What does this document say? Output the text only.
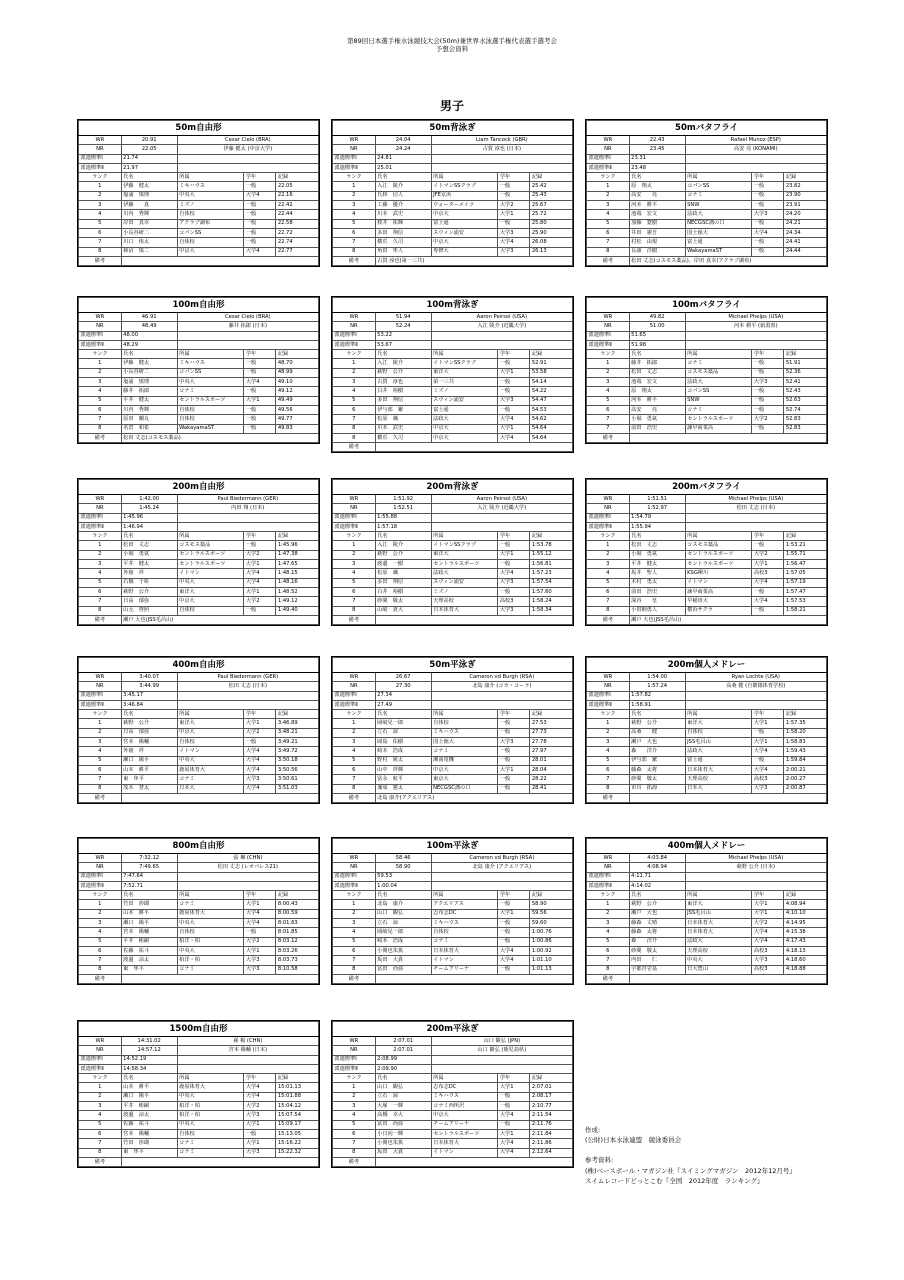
第89回日本選手権水泳競技大会(50m)兼世界水泳選手権代表選手選考会
予想会資料
男子
50m自由形				
WR	20.91	Cesar Cielo (BRA)		
NR	22.05	伊藤 健太 (中京大学)		
派遣標準Ⅰ	21.74			
派遣標準Ⅱ	21.97			
ランク	氏名	所属	学年	記録
1	伊藤　健太	ミキハウス	一般	22.05
2	塩浦　慎理	中央大	大学4	22.16
3	伊藤　　真	ミズノ	一般	22.42
4	川内　秀輝	自体校	一般	22.44
5	岸田　真幸	アクラブ調布	一般	22.58
6	小長谷研二	コパンSS	一般	22.72
7	川口　侑太	自体校	一般	22.74
8	柿沼　慎二	中京大	大学4	22.77
備考				
50m背泳ぎ				
WR	24.04	Liam Tancock (GBR)		
NR	24.24	古賀 淳也 (日本)		
派遣標準Ⅰ	24.81			
派遣標準Ⅱ	25.01			
ランク	氏名	所属	学年	記録
1	入江　陵介	イトマンSSクラブ	一般	25.42
2	氏林　信人	JFE京浜	一般	25.43
3	工藤　優介	ウォーターメイツ	大学2	25.67
4	川本　武史	中京大	大学1	25.72
5	桜井　祐輝	富士通	一般	25.80
6	多田　翔信	スウィン浦安	大学3	25.90
7	横爪　久司	中京大	大学4	26.08
8	角田　隼人	専修大	大学3	26.13
備考	古賀 淳也(第一三共)			
50mバタフライ				
WR	22.43	Rafael Munoz (ESP)		
NR	23.45	高安 亮 (KONAMI)		
派遣標準Ⅰ	23.31			
派遣標準Ⅱ	23.48			
ランク	氏名	所属	学年	記録
1	原　翔太	コパンSS	一般	23.82
2	高安　　亮	コナミ	一般	23.90
3	河本　耕平	SNW	一般	23.91
4	池端　宏文	法政大	大学3	24.20
5	加藤　寛樹	NECGSC溝の口	一般	24.21
6	井田　憲吾	国士舘大	大学4	24.34
7	村松　由規	富士通	一般	24.41
8	長頭　洋樹	WakayamaST	一般	24.44
備考	松田 丈志(コスモス薬品)、岸田 真幸(アクラブ調布)			
100m自由形				
WR	46.91	Cesar Cielo (BRA)		
NR	48.49	藤井 拓郎 (日本)		
派遣標準Ⅰ	48.00			
派遣標準Ⅱ	48.29			
ランク	氏名	所属	学年	記録
1	伊藤　健太	ミキハウス	一般	48.70
2	小長谷研二	コパンSS	一般	48.99
3	塩浦　慎理	中央大	大学4	49.10
4	藤井　拓郎	コナミ	一般	49.12
5	平井　健太	セントラルスポーツ	大学1	49.49
6	川内　秀輝	自体校	一般	49.56
7	原田　蘭丸	自体校	一般	49.77
8	名倉　和希	WakayamaST	一般	49.83
備考	松田 丈志(コスモス薬品)			
100m背泳ぎ				
WR	51.94	Aaron Peirsol (USA)		
NR	52.24	入江 陵介 (近畿大学)		
派遣標準Ⅰ	53.22			
派遣標準Ⅱ	53.67			
ランク	氏名	所属	学年	記録
1	入江　陵介	イトマンSSクラブ	一般	52.91
2	萩野　公介	東洋大	大学1	53.58
3	古賀　淳也	第一三共	一般	54.14
4	白井　裕樹	ミズノ	一般	54.22
5	多田　翔信	スウィン浦安	大学3	54.47
6	伊与部　繁	富士通	一般	54.53
7	松原　颯	法政大	大学4	54.62
8	川本　武史	中京大	大学1	54.64
8	横爪　久司	中京大	大学4	54.64
備考				
100mバタフライ				
WR	49.82	Michael Phelps (USA)		
NR	51.00	河本 耕平 (新潟県)		
派遣標準Ⅰ	51.65			
派遣標準Ⅱ	51.98			
ランク	氏名	所属	学年	記録
1	藤井　拓郎	コナミ	一般	51.91
2	松田　丈志	コスモス薬品	一般	52.36
3	池端　宏文	法政大	大学3	52.41
4	原　翔太	コパンSS	一般	52.43
5	河本　耕平	SNW	一般	52.63
6	高安　　亮	コナミ	一般	52.74
7	小堀　勇氣	セントラルスポーツ	大学2	52.83
7	前田　浩史	諫早商業高	一般	52.83
備考				
200m自由形				
WR	1:42.00	Paul Biedermann (GER)		
NR	1:45.24	内田 翔 (日本)		
派遣標準Ⅰ	1:45.96			
派遣標準Ⅱ	1:46.94			
ランク	氏名	所属	学年	記録
1	松田　丈志	コスモス薬品	一般	1:45.96
2	小堀　勇氣	セントラルスポーツ	大学2	1:47.38
3	平井　健太	セントラルスポーツ	大学1	1:47.65
4	外舘　祥	イトマン	大学4	1:48.15
5	石橋　千彰	中央大	大学4	1:48.16
6	萩野　公介	東洋大	大学1	1:48.52
7	日高　郁弥	中京大	大学2	1:49.12
8	山元　啓照	自体校	一般	1:49.40
備考	瀬戸 大也(JSS毛呂山)			
200m背泳ぎ				
WR	1:51.92	Aaron Peirsol (USA)		
NR	1:52.51	入江 陵介 (近畿大学)		
派遣標準Ⅰ	1:55.88			
派遣標準Ⅱ	1:57.18			
ランク	氏名	所属	学年	記録
1	入江　陵介	イトマンSSクラブ	一般	1:53.78
2	萩野　公介	東洋大	大学1	1:55.12
3	渡邊　一樹	セントラルスポーツ	一般	1:56.81
4	松原　颯	法政大	大学4	1:57.23
5	多田　翔信	スウィン浦安	大学3	1:57.54
6	白井　裕樹	ミズノ	一般	1:57.60
7	砂間　敬太	天理高校	高校3	1:58.24
8	山崎　貴大	日本体育大	大学3	1:58.34
備考				
200mバタフライ				
WR	1:51.51	Michael Phelps (USA)		
NR	1:52.97	松田 丈志 (日本)		
派遣標準Ⅰ	1:54.79			
派遣標準Ⅱ	1:55.94			
ランク	氏名	所属	学年	記録
1	松田　丈志	コスモス薬品	一般	1:53.21
2	小堀　勇氣	セントラルスポーツ	大学2	1:55.71
3	平井　健太	セントラルスポーツ	大学1	1:56.47
4	坂井　聖人	KSG柳川	高校3	1:57.05
5	木村　勇太	イトマン	大学4	1:57.19
6	前田　浩史	諫早商業高	一般	1:57.47
7	深谷　　皇	早稲田大	大学4	1:57.53
8	小田桐勇人	横浜サクラ	一般	1:58.21
備考	瀬戸 大也(JSS毛呂山)			
400m自由形				
WR	3:40.07	Paul Biedermann (GER)		
NR	3:44.99	松田 丈志 (日本)		
派遣標準Ⅰ	3:45.17			
派遣標準Ⅱ	3:46.84			
ランク	氏名	所属	学年	記録
1	萩野　公介	東洋大	大学1	3:46.89
2	日高　郁弥	中京大	大学2	3:48.21
3	宮本　陽輔	自体校	一般	3:49.21
4	外舘　祥	イトマン	大学4	3:49.72
5	瀬口　陽平	中央大	大学4	3:50.18
6	山本　耕平	鹿屋体育大	大学4	3:50.56
7	東　隼平	コナミ	大学3	3:50.61
8	茂木　慧太	日本大	大学4	3:51.03
備考				
50m平泳ぎ				
WR	26.67	Cameron vd Burgh (RSA)		
NR	27.30	北島 康介 (コカ・コーラ)		
派遣標準Ⅰ	27.34			
派遣標準Ⅱ	27.49			
ランク	氏名	所属	学年	記録
1	岡崎晃一郎	自体校	一般	27.53
2	立石　諒	ミキハウス	一般	27.73
3	岡島　佑樹	国士舘大	大学3	27.78
4	崎本　浩成	コナミ	一般	27.97
5	野村　陵太	湘南電機	一般	28.01
6	山中　祥輝	中京大	大学1	28.04
7	冨永　航平	東京大	一般	28.22
8	兼成　憲太	NECGSC溝の口	一般	28.41
備考	北島 康介(アクエリアス)			
200m個人メドレー				
WR	1:54.00	Ryan Lochte (USA)		
NR	1:57.24	高桑 健 (自衛隊体育学校)		
派遣標準Ⅰ	1:57.82			
派遣標準Ⅱ	1:58.91			
ランク	氏名	所属	学年	記録
1	萩野　公介	東洋大	大学1	1:57.35
2	高桑　　健	自体校	一般	1:58.20
3	瀬戸　大也	JSS毛呂山	大学1	1:58.83
4	森　　洋介	法政大	大学4	1:59.43
5	伊与部　繁	富士通	一般	1:59.84
6	藤森　太将	日本体育大	大学4	2:00.21
7	砂間　敬太	天理高校	高校3	2:00.27
8	市川　拓海	日本大	大学3	2:00.87
備考				
800m自由形				
WR	7:32.12	張 琳 (CHN)		
NR	7:49.65	松田 丈志 (レオパレス21)		
派遣標準Ⅰ	7:47.64			
派遣標準Ⅱ	7:52.71			
ランク	氏名	所属	学年	記録
1	竹田　渉瑚	コナミ	大学1	8:00.43
2	山本　耕平	鹿屋体育大	大学4	8:00.59
3	瀬口　陽平	中央大	大学4	8:01.63
4	宮本　陽輔	自体校	一般	8:01.85
5	平井　彬嗣	柏洋・柏	大学2	8:03.12
6	佐藤　祐斗	中央大	大学1	8:03.26
7	渡邊　涼太	柏洋・柏	大学3	8:03.73
8	東　隼平	コナミ	大学3	8:10.58
備考				
100m平泳ぎ				
WR	58.46	Cameron vd Burgh (RSA)		
NR	58.90	北島 康介 (アクエリアス)		
派遣標準Ⅰ	59.53			
派遣標準Ⅱ	1:00.04			
ランク	氏名	所属	学年	記録
1	北島　康介	アクエリアス	一般	58.90
2	山口　観弘	志布志DC	大学1	59.56
3	立石　諒	ミキハウス	一般	59.60
4	岡崎晃一郎	自体校	一般	1:00.76
5	崎本　浩成	コナミ	一般	1:00.86
6	小関也朱篤	日本体育大	大学4	1:00.92
7	坂田　大貴	イトマン	大学4	1:01.10
8	冨田　尚弥	チームアリーナ	一般	1:01.13
備考				
400m個人メドレー				
WR	4:03.84	Michael Phelps (USA)		
NR	4:08.94	萩野 公介 (日本)		
派遣標準Ⅰ	4:11.71			
派遣標準Ⅱ	4:14.02			
ランク	氏名	所属	学年	記録
1	萩野　公介	東洋大	大学1	4:08.94
2	瀬戸　大也	JSS毛呂山	大学1	4:10.10
3	藤森　丈晴	日本体育大	大学2	4:14.95
4	藤森　太将	日本体育大	大学4	4:15.38
5	森　　洋介	法政大	大学4	4:17.43
6	砂間　敬太	天理高校	高校3	4:18.13
7	内田　　仁	中央大	大学3	4:18.60
8	宇都宮壱基	日大豊山	高校3	4:18.88
備考				
1500m自由形				
WR	14:31.02	孫 楊 (CHN)		
NR	14:57.12	宮本 陽輔 (日本)		
派遣標準Ⅰ	14:52.19			
派遣標準Ⅱ	14:58.34			
ランク	氏名	所属	学年	記録
1	山本　耕平	鹿屋体育大	大学4	15:01.13
2	瀬口　陽平	中央大	大学4	15:01.88
3	平井　彬嗣	柏洋・柏	大学2	15:04.12
4	渡邊　涼太	柏洋・柏	大学3	15:07.54
5	佐藤　祐斗	中央大	大学1	15:09.17
6	宮本　陽輔	自体校	一般	15:13.05
7	竹田　渉瑚	コナミ	大学1	15:16.22
8	東　隼平	コナミ	大学3	15:22.32
備考				
200m平泳ぎ				
WR	2:07.01	山口 観弘 (JPN)		
NR	2:07.01	山口 観弘 (鹿児島県)		
派遣標準Ⅰ	2:08.99			
派遣標準Ⅱ	2:09.90			
ランク	氏名	所属	学年	記録
1	山口　観弘	志布志DC	大学1	2:07.01
2	立石　諒	ミキハウス	一般	2:08.17
3	大塚　一輝	コナミ西所沢	一般	2:10.77
4	高橋　幸大	中京大	大学4	2:11.54
5	冨田　尚弥	チームアリーナ	一般	2:11.76
6	小日向一輝	セントラルスポーツ	大学1	2:11.84
7	小関也朱篤	日本体育大	大学4	2:11.86
8	坂田　大貴	イトマン	大学4	2:12.64
備考				
作成:
(公財)日本水泳連盟　競泳委員会
参考資料:
(株)ベースボール・マガジン社『スイミングマガジン　2012年12月号』
スイムレコードどっとこむ『全国　2012年度　ランキング』
